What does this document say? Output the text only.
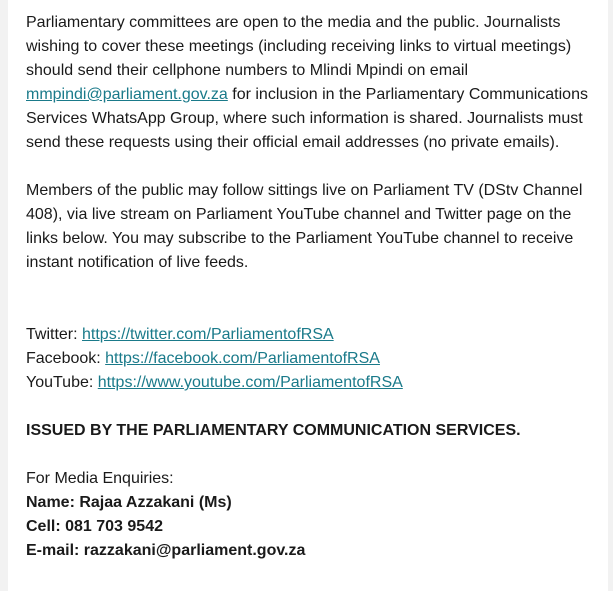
Parliamentary committees are open to the media and the public. Journalists wishing to cover these meetings (including receiving links to virtual meetings) should send their cellphone numbers to Mlindi Mpindi on email mmpindi@parliament.gov.za for inclusion in the Parliamentary Communications Services WhatsApp Group, where such information is shared. Journalists must send these requests using their official email addresses (no private emails).

Members of the public may follow sittings live on Parliament TV (DStv Channel 408), via live stream on Parliament YouTube channel and Twitter page on the links below. You may subscribe to the Parliament YouTube channel to receive instant notification of live feeds.

Twitter: https://twitter.com/ParliamentofRSA

Facebook: https://facebook.com/ParliamentofRSA

YouTube: https://www.youtube.com/ParliamentofRSA

ISSUED BY THE PARLIAMENTARY COMMUNICATION SERVICES.

For Media Enquiries:

Name: Rajaa Azzakani (Ms)

Cell: 081 703 9542

E-mail: razzakani@parliament.gov.za
